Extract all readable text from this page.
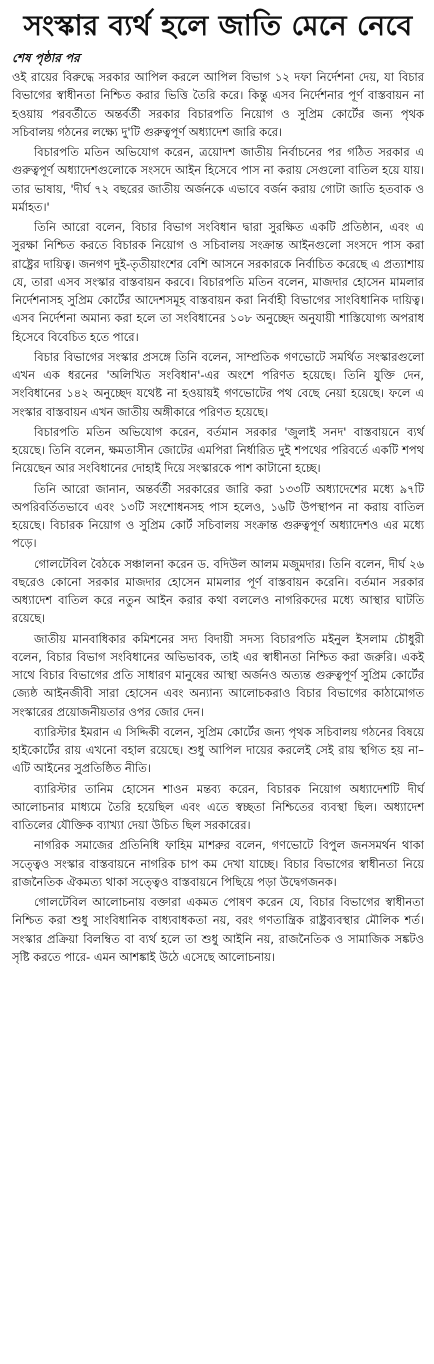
সংস্কার ব্যর্থ হলে জাতি মেনে নেবে
শেষ পৃষ্ঠার পর

ওই রায়ের বিরুদ্ধে সরকার আপিল করলে আপিল বিভাগ ১২ দফা নির্দেশনা দেয়, যা বিচার বিভাগের স্বাধীনতা নিশ্চিত করার ভিত্তি তৈরি করে। কিন্তু এসব নির্দেশনার পূর্ণ বাস্তবায়ন না হওয়ায় পরবর্তীতে অন্তর্বর্তী সরকার বিচারপতি নিয়োগ ও সুপ্রিম কোর্টের জন্য পৃথক সচিবালয় গঠনের লক্ষ্যে দু'টি গুরুত্বপূর্ণ অধ্যাদেশ জারি করে।

বিচারপতি মতিন অভিযোগ করেন, ত্রয়োদশ জাতীয় নির্বাচনের পর গঠিত সরকার এ গুরুত্বপূর্ণ অধ্যাদেশগুলোকে সংসদে আইন হিসেবে পাস না করায় সেগুলো বাতিল হয়ে যায়। তার ভাষায়, 'দীর্ঘ ৭২ বছরের জাতীয় অর্জনকে এভাবে বর্জন করায় গোটা জাতি হতবাক ও মর্মাহত।'

তিনি আরো বলেন, বিচার বিভাগ সংবিধান দ্বারা সুরক্ষিত একটি প্রতিষ্ঠান, এবং এ সুরক্ষা নিশ্চিত করতে বিচারক নিয়োগ ও সচিবালয় সংক্রান্ত আইনগুলো সংসদে পাস করা রাষ্ট্রের দায়িত্ব। জনগণ দুই-তৃতীয়াংশের বেশি আসনে সরকারকে নির্বাচিত করেছে এ প্রত্যাশায় যে, তারা এসব সংস্কার বাস্তবায়ন করবে। বিচারপতি মতিন বলেন, মাজদার হোসেন মামলার নির্দেশনাসহ সুপ্রিম কোর্টের আদেশসমূহ বাস্তবায়ন করা নির্বাহী বিভাগের সাংবিধানিক দায়িত্ব। এসব নির্দেশনা অমান্য করা হলে তা সংবিধানের ১০৮ অনুচ্ছেদ অনুযায়ী শাস্তিযোগ্য অপরাধ হিসেবে বিবেচিত হতে পারে।

বিচার বিভাগের সংস্কার প্রসঙ্গে তিনি বলেন, সাম্প্রতিক গণভোটে সমর্থিত সংস্কারগুলো এখন এক ধরনের 'অলিখিত সংবিধান'-এর অংশে পরিণত হয়েছে। তিনি যুক্তি দেন, সংবিধানের ১৪২ অনুচ্ছেদ যথেষ্ট না হওয়ায়ই গণভোটের পথ বেছে নেয়া হয়েছে। ফলে এ সংস্কার বাস্তবায়ন এখন জাতীয় অঙ্গীকারে পরিণত হয়েছে।

বিচারপতি মতিন অভিযোগ করেন, বর্তমান সরকার 'জুলাই সনদ' বাস্তবায়নে ব্যর্থ হয়েছে। তিনি বলেন, ক্ষমতাসীন জোটের এমপিরা নির্ধারিত দুই শপথের পরিবর্তে একটি শপথ নিয়েছেন আর সংবিধানের দোহাই দিয়ে সংস্কারকে পাশ কাটানো হচ্ছে।

তিনি আরো জানান, অন্তর্বর্তী সরকারের জারি করা ১৩৩টি অধ্যাদেশের মধ্যে ৯৭টি অপরিবর্তিতভাবে এবং ১৩টি সংশোধনসহ পাস হলেও, ১৬টি উপস্থাপন না করায় বাতিল হয়েছে। বিচারক নিয়োগ ও সুপ্রিম কোর্ট সচিবালয় সংক্রান্ত গুরুত্বপূর্ণ অধ্যাদেশও এর মধ্যে পড়ে।

গোলটেবিল বৈঠকে সঞ্চালনা করেন ড. বদিউল আলম মজুমদার। তিনি বলেন, দীর্ঘ ২৬ বছরেও কোনো সরকার মাজদার হোসেন মামলার পূর্ণ বাস্তবায়ন করেনি। বর্তমান সরকার অধ্যাদেশ বাতিল করে নতুন আইন করার কথা বললেও নাগরিকদের মধ্যে আস্থার ঘাটতি রয়েছে।

জাতীয় মানবাধিকার কমিশনের সদ্য বিদায়ী সদস্য বিচারপতি মইনুল ইসলাম চৌধুরী বলেন, বিচার বিভাগ সংবিধানের অভিভাবক, তাই এর স্বাধীনতা নিশ্চিত করা জরুরি। একই সাথে বিচার বিভাগের প্রতি সাধারণ মানুষের আস্থা অর্জনও অত্যন্ত গুরুত্বপূর্ণ সুপ্রিম কোর্টের জ্যেষ্ঠ আইনজীবী সারা হোসেন এবং অন্যান্য আলোচকরাও বিচার বিভাগের কাঠামোগত সংস্কারের প্রয়োজনীয়তার ওপর জোর দেন।

ব্যারিস্টার ইমরান এ সিদ্দিকী বলেন, সুপ্রিম কোর্টের জন্য পৃথক সচিবালয় গঠনের বিষয়ে হাইকোর্টের রায় এখনো বহাল রয়েছে। শুধু আপিল দায়ের করলেই সেই রায় স্থগিত হয় না–এটি আইনের সুপ্রতিষ্ঠিত নীতি।

ব্যারিস্টার তানিম হোসেন শাওন মন্তব্য করেন, বিচারক নিয়োগ অধ্যাদেশটি দীর্ঘ আলোচনার মাধ্যমে তৈরি হয়েছিল এবং এতে স্বচ্ছতা নিশ্চিতের ব্যবস্থা ছিল। অধ্যাদেশ বাতিলের যৌক্তিক ব্যাখ্যা দেয়া উচিত ছিল সরকারের।

নাগরিক সমাজের প্রতিনিধি ফাহিম মাশরুর বলেন, গণভোটে বিপুল জনসমর্থন থাকা সত্ত্বেও সংস্কার বাস্তবায়নে নাগরিক চাপ কম দেখা যাচ্ছে। বিচার বিভাগের স্বাধীনতা নিয়ে রাজনৈতিক ঐকমত্য থাকা সত্ত্বেও বাস্তবায়নে পিছিয়ে পড়া উদ্বেগজনক।

গোলটেবিল আলোচনায় বক্তারা একমত পোষণ করেন যে, বিচার বিভাগের স্বাধীনতা নিশ্চিত করা শুধু সাংবিধানিক বাধ্যবাধকতা নয়, বরং গণতান্ত্রিক রাষ্ট্রব্যবস্থার মৌলিক শর্ত। সংস্কার প্রক্রিয়া বিলম্বিত বা ব্যর্থ হলে তা শুধু আইনি নয়, রাজনৈতিক ও সামাজিক সঙ্কটও সৃষ্টি করতে পারে- এমন আশঙ্কাই উঠে এসেছে আলোচনায়।
